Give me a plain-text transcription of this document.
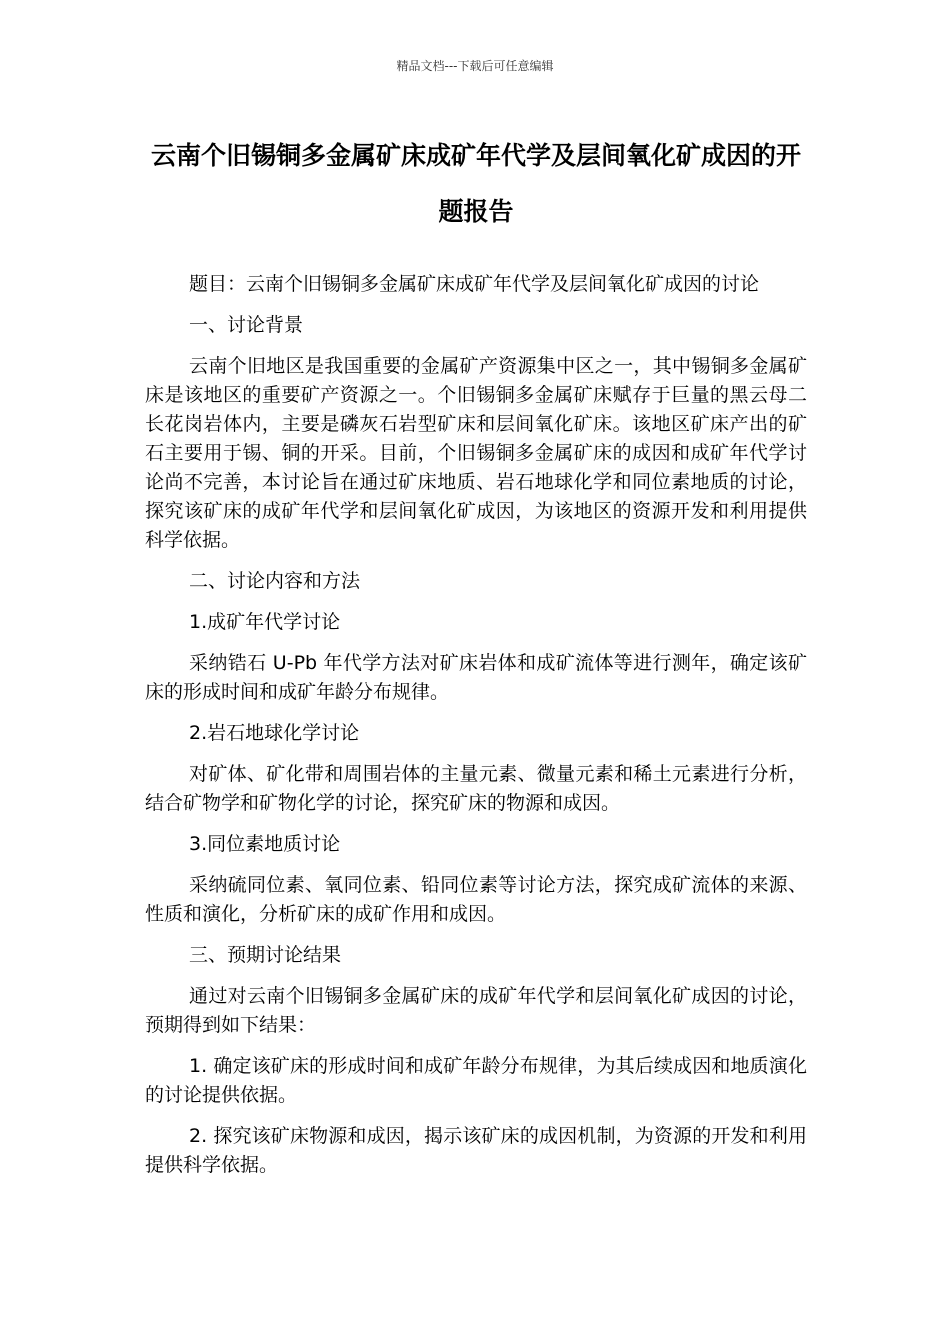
精品文档---下载后可任意编辑
云南个旧锡铜多金属矿床成矿年代学及层间氧化矿成因的开题报告

题目：云南个旧锡铜多金属矿床成矿年代学及层间氧化矿成因的讨论

一、讨论背景

云南个旧地区是我国重要的金属矿产资源集中区之一，其中锡铜多金属矿床是该地区的重要矿产资源之一。个旧锡铜多金属矿床赋存于巨量的黑云母二长花岗岩体内，主要是磷灰石岩型矿床和层间氧化矿床。该地区矿床产出的矿石主要用于锡、铜的开采。目前，个旧锡铜多金属矿床的成因和成矿年代学讨论尚不完善，本讨论旨在通过矿床地质、岩石地球化学和同位素地质的讨论，探究该矿床的成矿年代学和层间氧化矿成因，为该地区的资源开发和利用提供科学依据。

二、讨论内容和方法

1.成矿年代学讨论

采纳锆石 U-Pb 年代学方法对矿床岩体和成矿流体等进行测年，确定该矿床的形成时间和成矿年龄分布规律。

2.岩石地球化学讨论

对矿体、矿化带和周围岩体的主量元素、微量元素和稀土元素进行分析，结合矿物学和矿物化学的讨论，探究矿床的物源和成因。

3.同位素地质讨论

采纳硫同位素、氧同位素、铅同位素等讨论方法，探究成矿流体的来源、性质和演化，分析矿床的成矿作用和成因。

三、预期讨论结果

通过对云南个旧锡铜多金属矿床的成矿年代学和层间氧化矿成因的讨论，预期得到如下结果：

1. 确定该矿床的形成时间和成矿年龄分布规律，为其后续成因和地质演化的讨论提供依据。

2. 探究该矿床物源和成因，揭示该矿床的成因机制，为资源的开发和利用提供科学依据。
